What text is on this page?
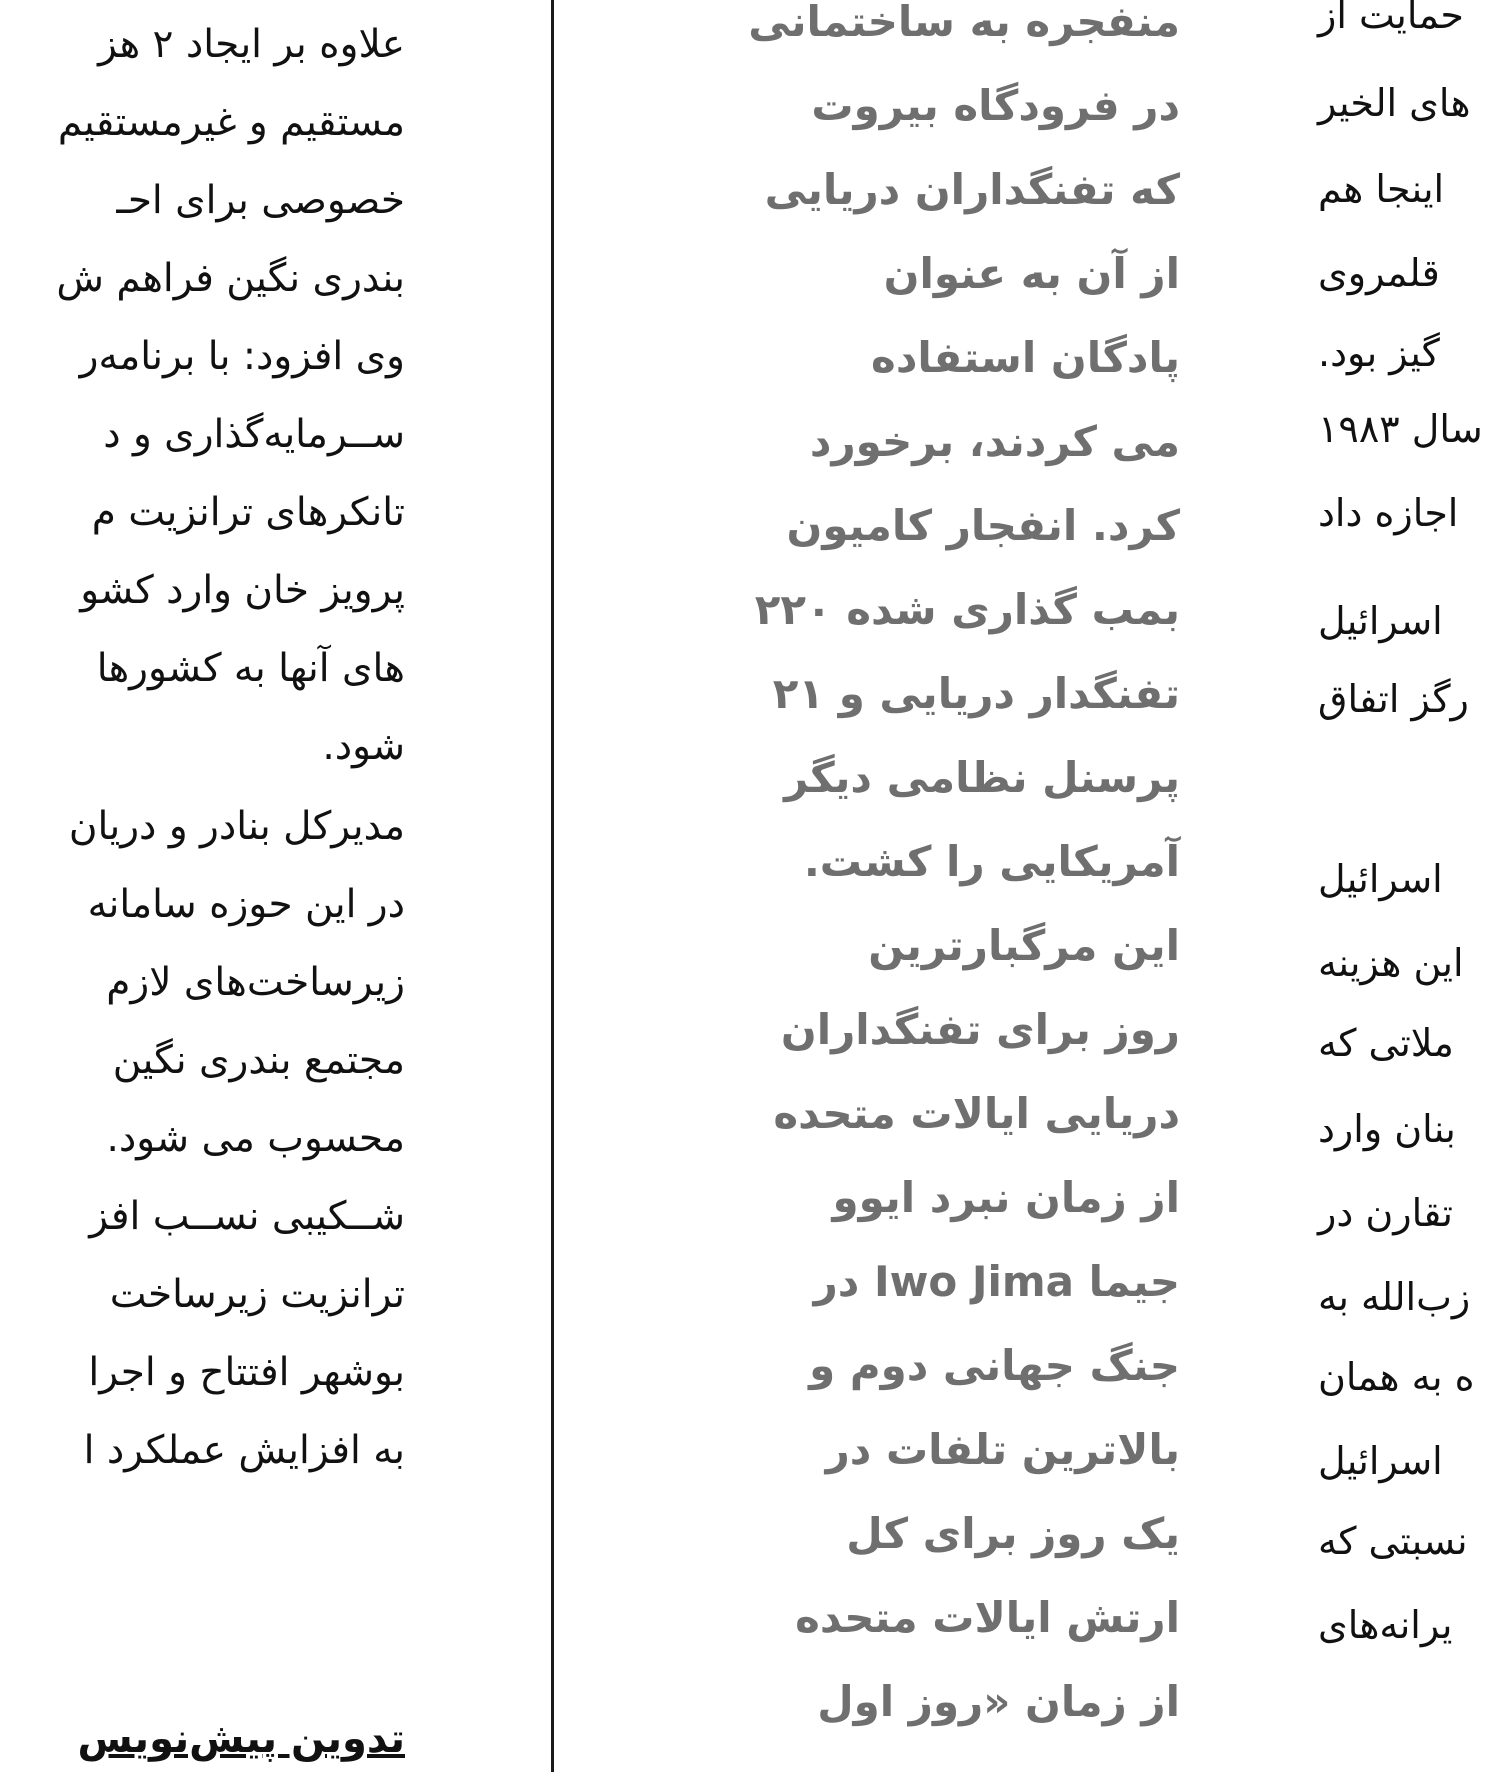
علاوه بر ایجاد ۲ هز
مستقیم و غیرمستقیم
خصوصی برای احـ
بندری نگین فراهم ش
وی افزود: با برنامه‌ر
ســرمایه‌گذاری و د
تانکرهای ترانزیت م
پرویز خان وارد کشو
های آنها به کشورها
شود.
مدیرکل بنادر و دریان
در این حوزه سامانه
زیرساخت‌های لازم
مجتمع بندری نگین
محسوب می شود.
شــکیبی نســب افز
ترانزیت زیرساخت
بوشهر افتتاح و اجرا
به افزایش عملکرد ا
تدوین پیش‌نویس
منفجره به ساختمانی
در فرودگاه بیروت
که تفنگداران دریایی
از آن به عنوان
پادگان استفاده
می کردند، برخورد
کرد. انفجار کامیون
بمب گذاری شده ۲۲۰
تفنگدار دریایی و ۲۱
پرسنل نظامی دیگر
آمریکایی را کشت.
این مرگبارترین
روز برای تفنگداران
دریایی ایالات متحده
از زمان نبرد ایوو
جیما Iwo Jima در
جنگ جهانی دوم و
بالاترین تلفات در
یک روز برای کل
ارتش ایالات متحده
از زمان «روز اول
حمایت از
های الخیر
اینجا هم
قلمروی
گیز بود.
سال ۱۹۸۳
اجازه داد
اسرائیل
رگز اتفاق
اسرائیل
این هزینه
ملاتی که
بنان وارد
تقارن در
زب‌الله به
ه به همان
اسرائیل
نسبتی که
یرانه‌های
